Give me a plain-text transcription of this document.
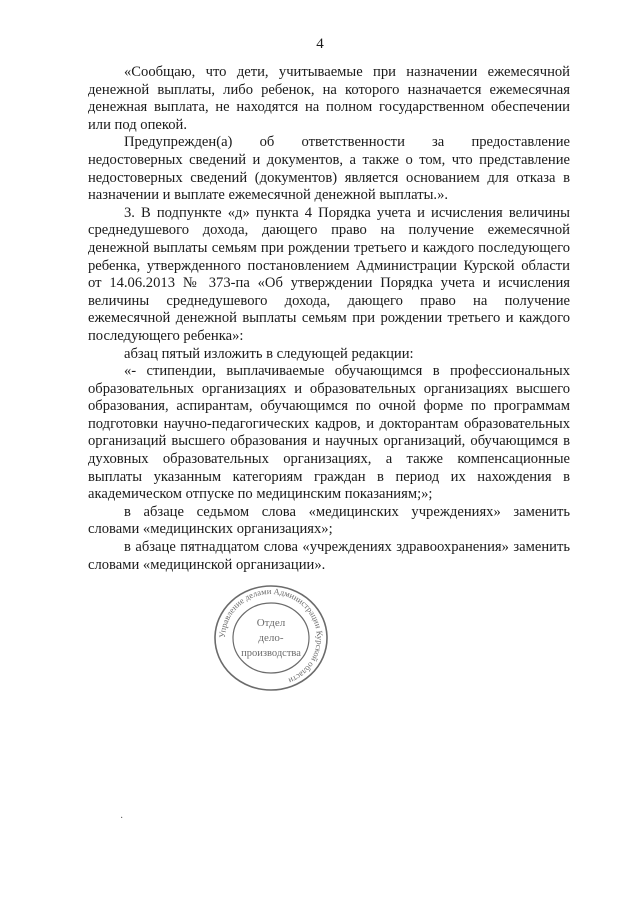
4

«Сообщаю, что дети, учитываемые при назначении ежемесячной денежной выплаты, либо ребенок, на которого назначается ежемесячная денежная выплата, не находятся на полном государственном обеспечении или под опекой.

Предупрежден(а) об ответственности за предоставление недостоверных сведений и документов, а также о том, что представление недостоверных сведений (документов) является основанием для отказа в назначении и выплате ежемесячной денежной выплаты.».

3. В подпункте «д» пункта 4 Порядка учета и исчисления величины среднедушевого дохода, дающего право на получение ежемесячной денежной выплаты семьям при рождении третьего и каждого последующего ребенка, утвержденного постановлением Администрации Курской области от 14.06.2013 № 373-па «Об утверждении Порядка учета и исчисления величины среднедушевого дохода, дающего право на получение ежемесячной денежной выплаты семьям при рождении третьего и каждого последующего ребенка»:

абзац пятый изложить в следующей редакции:

«- стипендии, выплачиваемые обучающимся в профессиональных образовательных организациях и образовательных организациях высшего образования, аспирантам, обучающимся по очной форме по программам подготовки научно-педагогических кадров, и докторантам образовательных организаций высшего образования и научных организаций, обучающимся в духовных образовательных организациях, а также компенсационные выплаты указанным категориям граждан в период их нахождения в академическом отпуске по медицинским показаниям;»;

в абзаце седьмом слова «медицинских учреждениях» заменить словами «медицинских организациях»;

в абзаце пятнадцатом слова «учреждениях здравоохранения» заменить словами «медицинской организации».

Управление делами Администрации Курской области
Отдел
дело-
производства
·
